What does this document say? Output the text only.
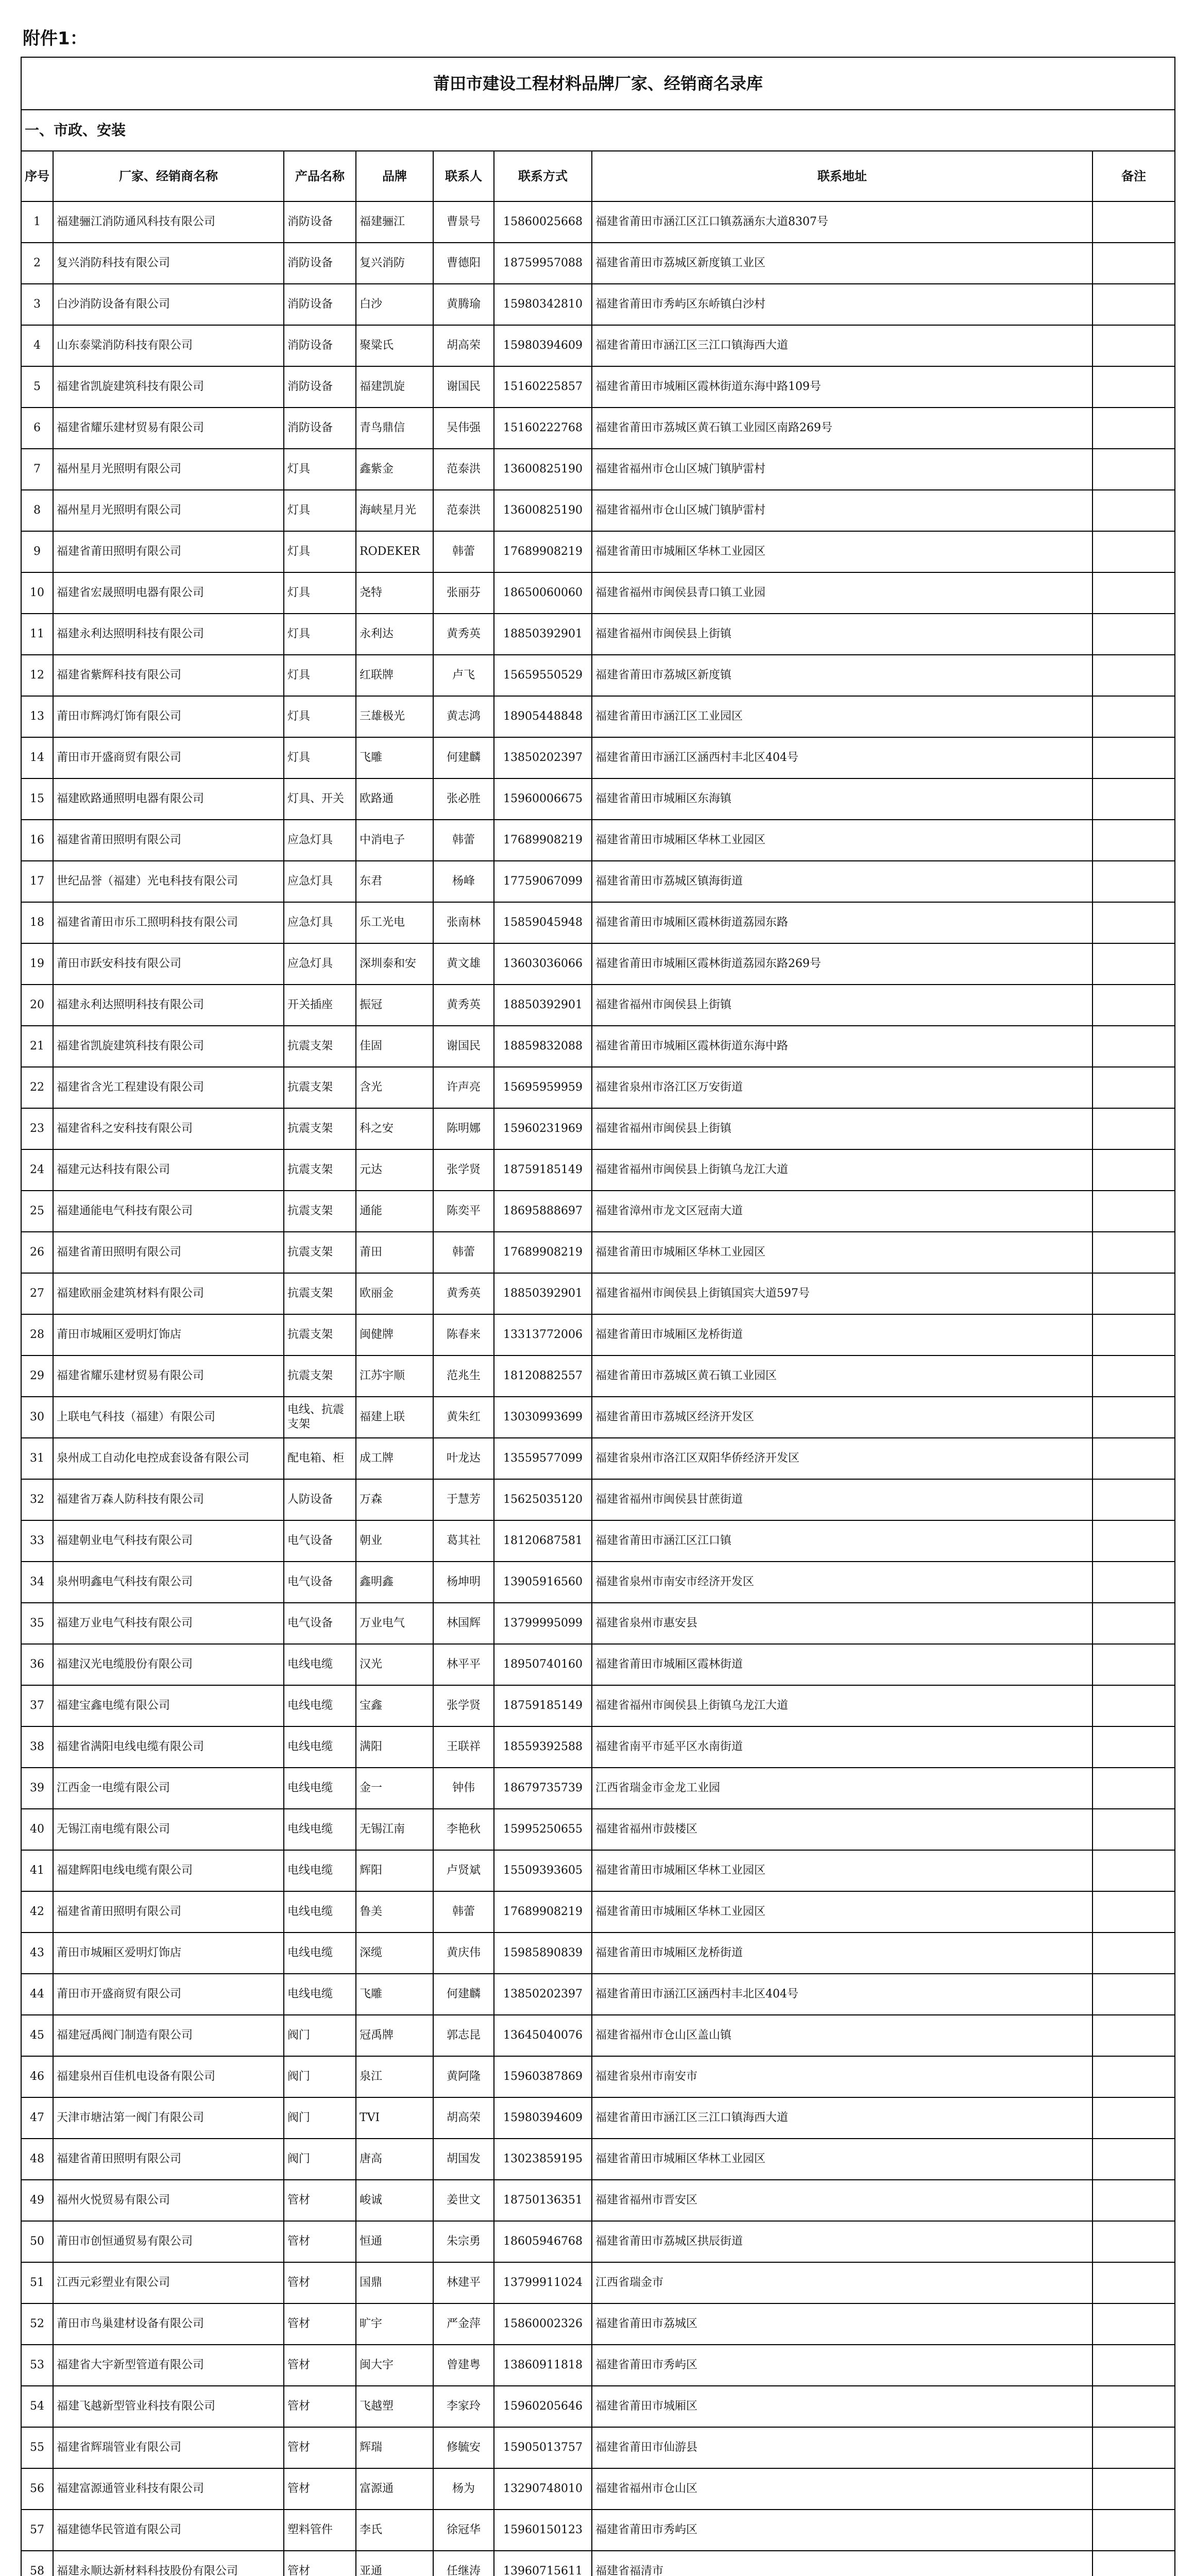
附件1：
莆田市建设工程材料品牌厂家、经销商名录库							
一、市政、安装							
序号	厂家、经销商名称	产品名称	品牌	联系人	联系方式	联系地址	备注
1	福建骊江消防通风科技有限公司	消防设备	福建骊江	曹景号	15860025668	福建省莆田市涵江区江口镇荔涵东大道8307号	
2	复兴消防科技有限公司	消防设备	复兴消防	曹德阳	18759957088	福建省莆田市荔城区新度镇工业区	
3	白沙消防设备有限公司	消防设备	白沙	黄腾瑜	15980342810	福建省莆田市秀屿区东峤镇白沙村	
4	山东泰粱消防科技有限公司	消防设备	聚粱氏	胡高荣	15980394609	福建省莆田市涵江区三江口镇海西大道	
5	福建省凯旋建筑科技有限公司	消防设备	福建凯旋	谢国民	15160225857	福建省莆田市城厢区霞林街道东海中路109号	
6	福建省耀乐建材贸易有限公司	消防设备	青鸟鼎信	吴伟强	15160222768	福建省莆田市荔城区黄石镇工业园区南路269号	
7	福州星月光照明有限公司	灯具	鑫紫金	范泰洪	13600825190	福建省福州市仓山区城门镇胪雷村	
8	福州星月光照明有限公司	灯具	海峡星月光	范泰洪	13600825190	福建省福州市仓山区城门镇胪雷村	
9	福建省莆田照明有限公司	灯具	RODEKER	韩蕾	17689908219	福建省莆田市城厢区华林工业园区	
10	福建省宏晟照明电器有限公司	灯具	尧特	张丽芬	18650060060	福建省福州市闽侯县青口镇工业园	
11	福建永利达照明科技有限公司	灯具	永利达	黄秀英	18850392901	福建省福州市闽侯县上街镇	
12	福建省紫辉科技有限公司	灯具	红联牌	卢飞	15659550529	福建省莆田市荔城区新度镇	
13	莆田市辉鸿灯饰有限公司	灯具	三雄极光	黄志鸿	18905448848	福建省莆田市涵江区工业园区	
14	莆田市开盛商贸有限公司	灯具	飞雕	何建麟	13850202397	福建省莆田市涵江区涵西村丰北区404号	
15	福建欧路通照明电器有限公司	灯具、开关	欧路通	张必胜	15960006675	福建省莆田市城厢区东海镇	
16	福建省莆田照明有限公司	应急灯具	中消电子	韩蕾	17689908219	福建省莆田市城厢区华林工业园区	
17	世纪品誉（福建）光电科技有限公司	应急灯具	东君	杨峰	17759067099	福建省莆田市荔城区镇海街道	
18	福建省莆田市乐工照明科技有限公司	应急灯具	乐工光电	张南林	15859045948	福建省莆田市城厢区霞林街道荔园东路	
19	莆田市跃安科技有限公司	应急灯具	深圳泰和安	黄文雄	13603036066	福建省莆田市城厢区霞林街道荔园东路269号	
20	福建永利达照明科技有限公司	开关插座	振冠	黄秀英	18850392901	福建省福州市闽侯县上街镇	
21	福建省凯旋建筑科技有限公司	抗震支架	佳固	谢国民	18859832088	福建省莆田市城厢区霞林街道东海中路	
22	福建省含光工程建设有限公司	抗震支架	含光	许声亮	15695959959	福建省泉州市洛江区万安街道	
23	福建省科之安科技有限公司	抗震支架	科之安	陈明娜	15960231969	福建省福州市闽侯县上街镇	
24	福建元达科技有限公司	抗震支架	元达	张学贤	18759185149	福建省福州市闽侯县上街镇乌龙江大道	
25	福建通能电气科技有限公司	抗震支架	通能	陈奕平	18695888697	福建省漳州市龙文区冠南大道	
26	福建省莆田照明有限公司	抗震支架	莆田	韩蕾	17689908219	福建省莆田市城厢区华林工业园区	
27	福建欧丽金建筑材料有限公司	抗震支架	欧丽金	黄秀英	18850392901	福建省福州市闽侯县上街镇国宾大道597号	
28	莆田市城厢区爱明灯饰店	抗震支架	闽健牌	陈春来	13313772006	福建省莆田市城厢区龙桥街道	
29	福建省耀乐建材贸易有限公司	抗震支架	江苏宇顺	范兆生	18120882557	福建省莆田市荔城区黄石镇工业园区	
30	上联电气科技（福建）有限公司	电线、抗震支架	福建上联	黄朱红	13030993699	福建省莆田市荔城区经济开发区	
31	泉州成工自动化电控成套设备有限公司	配电箱、柜	成工牌	叶龙达	13559577099	福建省泉州市洛江区双阳华侨经济开发区	
32	福建省万森人防科技有限公司	人防设备	万森	于慧芳	15625035120	福建省福州市闽侯县甘蔗街道	
33	福建朝业电气科技有限公司	电气设备	朝业	葛其社	18120687581	福建省莆田市涵江区江口镇	
34	泉州明鑫电气科技有限公司	电气设备	鑫明鑫	杨坤明	13905916560	福建省泉州市南安市经济开发区	
35	福建万业电气科技有限公司	电气设备	万业电气	林国辉	13799995099	福建省泉州市惠安县	
36	福建汉光电缆股份有限公司	电线电缆	汉光	林平平	18950740160	福建省莆田市城厢区霞林街道	
37	福建宝鑫电缆有限公司	电线电缆	宝鑫	张学贤	18759185149	福建省福州市闽侯县上街镇乌龙江大道	
38	福建省满阳电线电缆有限公司	电线电缆	满阳	王联祥	18559392588	福建省南平市延平区水南街道	
39	江西金一电缆有限公司	电线电缆	金一	钟伟	18679735739	江西省瑞金市金龙工业园	
40	无锡江南电缆有限公司	电线电缆	无锡江南	李艳秋	15995250655	福建省福州市鼓楼区	
41	福建辉阳电线电缆有限公司	电线电缆	辉阳	卢贤斌	15509393605	福建省莆田市城厢区华林工业园区	
42	福建省莆田照明有限公司	电线电缆	鲁美	韩蕾	17689908219	福建省莆田市城厢区华林工业园区	
43	莆田市城厢区爱明灯饰店	电线电缆	深缆	黄庆伟	15985890839	福建省莆田市城厢区龙桥街道	
44	莆田市开盛商贸有限公司	电线电缆	飞雕	何建麟	13850202397	福建省莆田市涵江区涵西村丰北区404号	
45	福建冠禹阀门制造有限公司	阀门	冠禹牌	郭志昆	13645040076	福建省福州市仓山区盖山镇	
46	福建泉州百佳机电设备有限公司	阀门	泉江	黄阿隆	15960387869	福建省泉州市南安市	
47	天津市塘沽第一阀门有限公司	阀门	TVI	胡高荣	15980394609	福建省莆田市涵江区三江口镇海西大道	
48	福建省莆田照明有限公司	阀门	唐高	胡国发	13023859195	福建省莆田市城厢区华林工业园区	
49	福州火悦贸易有限公司	管材	峻诚	姜世文	18750136351	福建省福州市晋安区	
50	莆田市创恒通贸易有限公司	管材	恒通	朱宗勇	18605946768	福建省莆田市荔城区拱辰街道	
51	江西元彩塑业有限公司	管材	国鼎	林建平	13799911024	江西省瑞金市	
52	莆田市鸟巢建材设备有限公司	管材	旷宇	严金萍	15860002326	福建省莆田市荔城区	
53	福建省大宇新型管道有限公司	管材	闽大宇	曾建粤	13860911818	福建省莆田市秀屿区	
54	福建飞越新型管业科技有限公司	管材	飞越塑	李家玲	15960205646	福建省莆田市城厢区	
55	福建省辉瑞管业有限公司	管材	辉瑞	修毓安	15905013757	福建省莆田市仙游县	
56	福建富源通管业科技有限公司	管材	富源通	杨为	13290748010	福建省福州市仓山区	
57	福建德华民管道有限公司	塑料管件	李氏	徐冠华	15960150123	福建省莆田市秀屿区	
58	福建永顺达新材料科技股份有限公司	管材	亚通	任继涛	13960715611	福建省福清市	
